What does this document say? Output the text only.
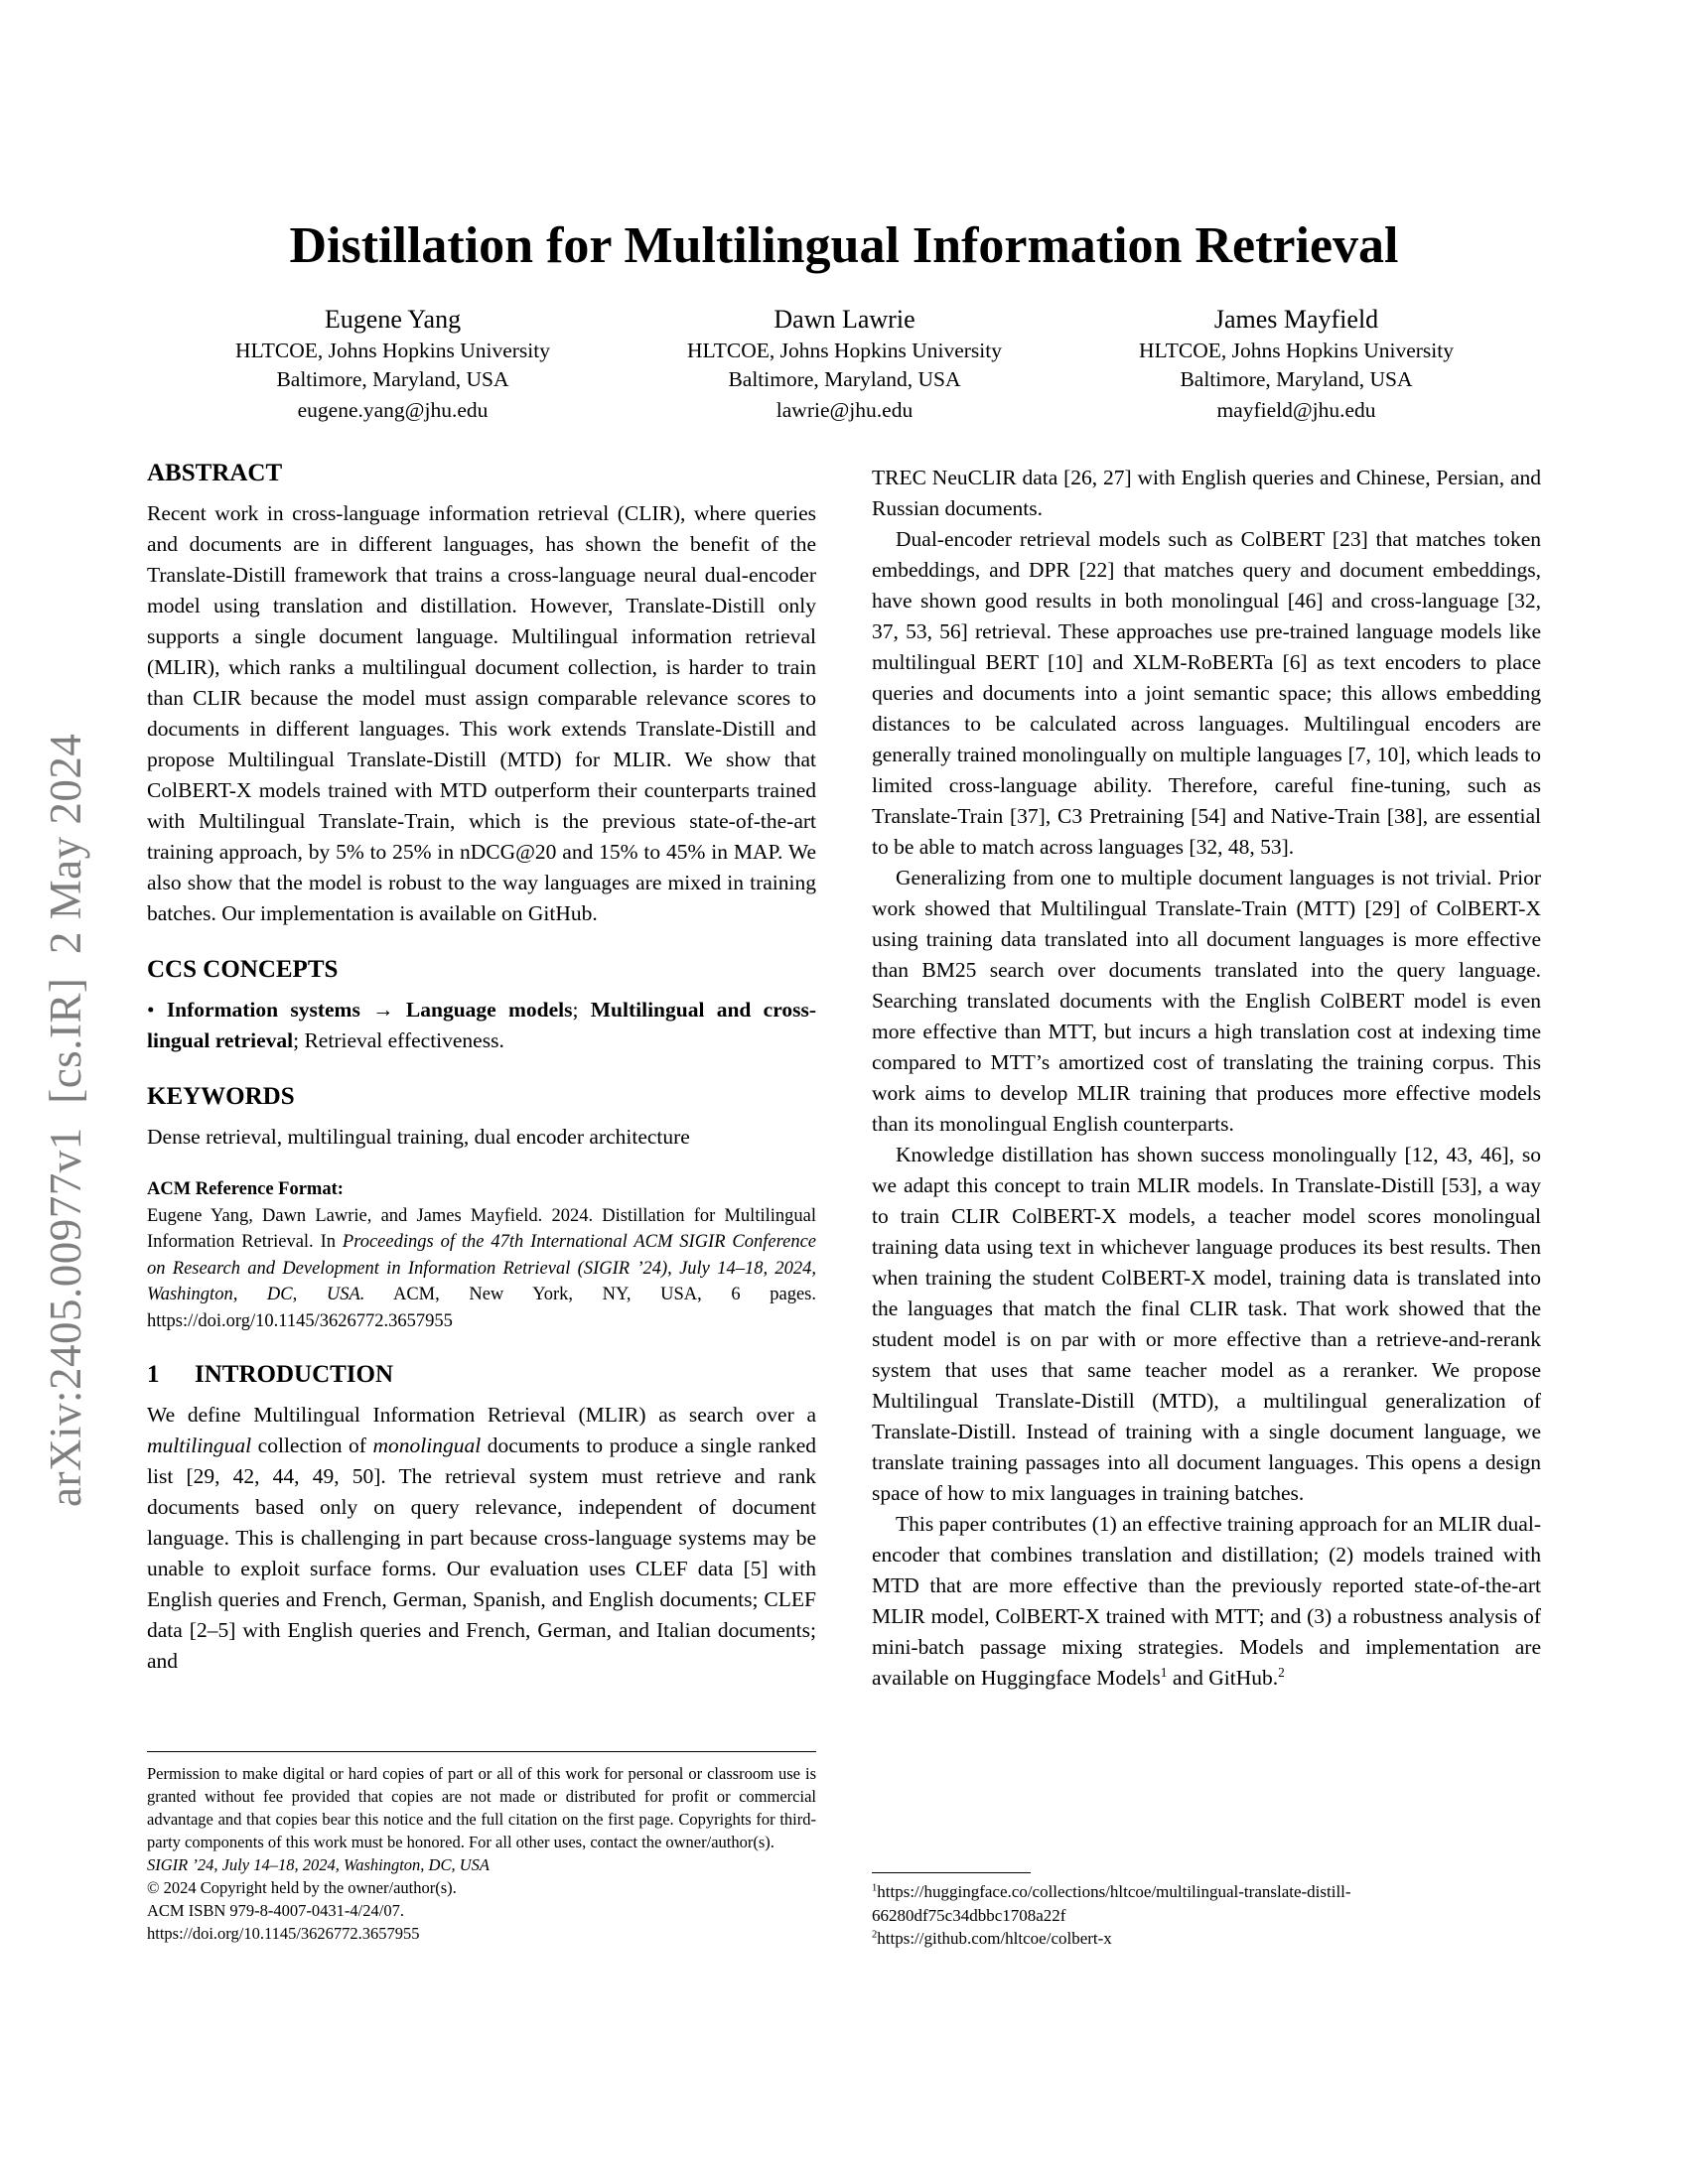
arXiv:2405.00977v1  [cs.IR]  2 May 2024
Distillation for Multilingual Information Retrieval
Eugene Yang
HLTCOE, Johns Hopkins University
Baltimore, Maryland, USA
eugene.yang@jhu.edu
Dawn Lawrie
HLTCOE, Johns Hopkins University
Baltimore, Maryland, USA
lawrie@jhu.edu
James Mayfield
HLTCOE, Johns Hopkins University
Baltimore, Maryland, USA
mayfield@jhu.edu
ABSTRACT

Recent work in cross-language information retrieval (CLIR), where queries and documents are in different languages, has shown the benefit of the Translate-Distill framework that trains a cross-language neural dual-encoder model using translation and distillation. However, Translate-Distill only supports a single document language. Multilingual information retrieval (MLIR), which ranks a multilingual document collection, is harder to train than CLIR because the model must assign comparable relevance scores to documents in different languages. This work extends Translate-Distill and propose Multilingual Translate-Distill (MTD) for MLIR. We show that ColBERT-X models trained with MTD outperform their counterparts trained with Multilingual Translate-Train, which is the previous state-of-the-art training approach, by 5% to 25% in nDCG@20 and 15% to 45% in MAP. We also show that the model is robust to the way languages are mixed in training batches. Our implementation is available on GitHub.

CCS CONCEPTS

• Information systems → Language models; Multilingual and cross-lingual retrieval; Retrieval effectiveness.

KEYWORDS

Dense retrieval, multilingual training, dual encoder architecture

ACM Reference Format:

Eugene Yang, Dawn Lawrie, and James Mayfield. 2024. Distillation for Multilingual Information Retrieval. In Proceedings of the 47th International ACM SIGIR Conference on Research and Development in Information Retrieval (SIGIR ’24), July 14–18, 2024, Washington, DC, USA. ACM, New York, NY, USA, 6 pages. https://doi.org/10.1145/3626772.3657955

1 INTRODUCTION

We define Multilingual Information Retrieval (MLIR) as search over a multilingual collection of monolingual documents to produce a single ranked list [29, 42, 44, 49, 50]. The retrieval system must retrieve and rank documents based only on query relevance, independent of document language. This is challenging in part because cross-language systems may be unable to exploit surface forms. Our evaluation uses CLEF data [5] with English queries and French, German, Spanish, and English documents; CLEF data [2–5] with English queries and French, German, and Italian documents; and

TREC NeuCLIR data [26, 27] with English queries and Chinese, Persian, and Russian documents.

Dual-encoder retrieval models such as ColBERT [23] that matches token embeddings, and DPR [22] that matches query and document embeddings, have shown good results in both monolingual [46] and cross-language [32, 37, 53, 56] retrieval. These approaches use pre-trained language models like multilingual BERT [10] and XLM-RoBERTa [6] as text encoders to place queries and documents into a joint semantic space; this allows embedding distances to be calculated across languages. Multilingual encoders are generally trained monolingually on multiple languages [7, 10], which leads to limited cross-language ability. Therefore, careful fine-tuning, such as Translate-Train [37], C3 Pretraining [54] and Native-Train [38], are essential to be able to match across languages [32, 48, 53].

Generalizing from one to multiple document languages is not trivial. Prior work showed that Multilingual Translate-Train (MTT) [29] of ColBERT-X using training data translated into all document languages is more effective than BM25 search over documents translated into the query language. Searching translated documents with the English ColBERT model is even more effective than MTT, but incurs a high translation cost at indexing time compared to MTT’s amortized cost of translating the training corpus. This work aims to develop MLIR training that produces more effective models than its monolingual English counterparts.

Knowledge distillation has shown success monolingually [12, 43, 46], so we adapt this concept to train MLIR models. In Translate-Distill [53], a way to train CLIR ColBERT-X models, a teacher model scores monolingual training data using text in whichever language produces its best results. Then when training the student ColBERT-X model, training data is translated into the languages that match the final CLIR task. That work showed that the student model is on par with or more effective than a retrieve-and-rerank system that uses that same teacher model as a reranker. We propose Multilingual Translate-Distill (MTD), a multilingual generalization of Translate-Distill. Instead of training with a single document language, we translate training passages into all document languages. This opens a design space of how to mix languages in training batches.

This paper contributes (1) an effective training approach for an MLIR dual-encoder that combines translation and distillation; (2) models trained with MTD that are more effective than the previously reported state-of-the-art MLIR model, ColBERT-X trained with MTT; and (3) a robustness analysis of mini-batch passage mixing strategies. Models and implementation are available on Huggingface Models$^1$ and GitHub.$^2$

Permission to make digital or hard copies of part or all of this work for personal or classroom use is granted without fee provided that copies are not made or distributed for profit or commercial advantage and that copies bear this notice and the full citation on the first page. Copyrights for third-party components of this work must be honored. For all other uses, contact the owner/author(s).

SIGIR ’24, July 14–18, 2024, Washington, DC, USA

© 2024 Copyright held by the owner/author(s).

ACM ISBN 979-8-4007-0431-4/24/07.

https://doi.org/10.1145/3626772.3657955

$^1$https://huggingface.co/collections/hltcoe/multilingual-translate-distill-66280df75c34dbbc1708a22f

$^2$https://github.com/hltcoe/colbert-x
